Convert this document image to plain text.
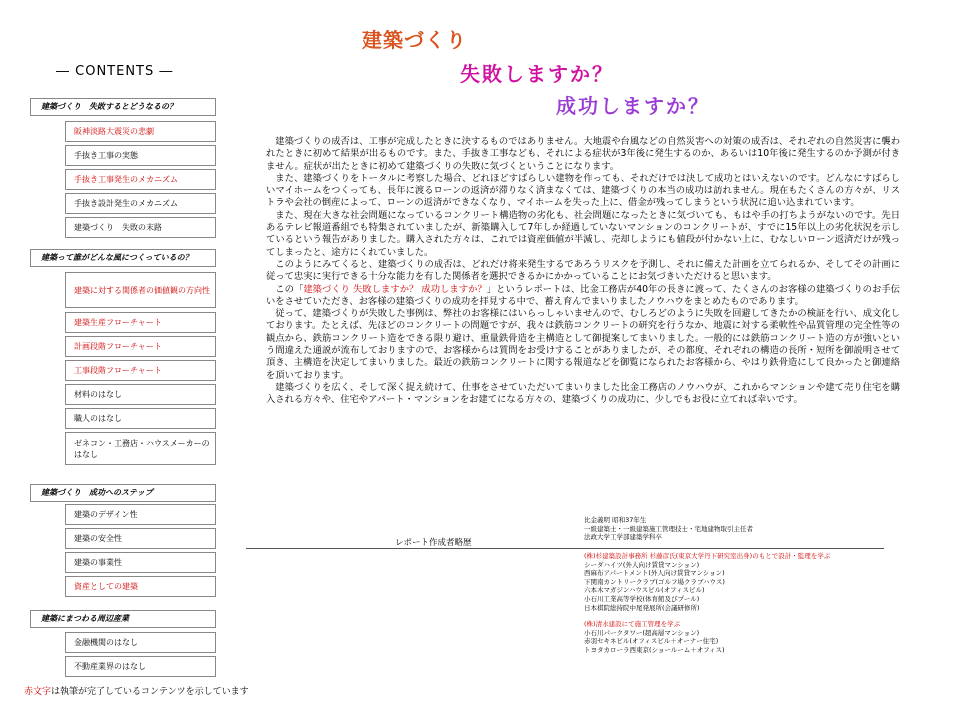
建築づくり
失敗しますか？
成功しますか？
― CONTENTS ―
建築づくり　失敗するとどうなるの？
阪神淡路大震災の悲劇
手抜き工事の実態
手抜き工事発生のメカニズム
手抜き設計発生のメカニズム
建築づくり　失敗の末路
建築って誰がどんな風につくっているの？
建築に対する関係者の価値観の方向性
建築生産フローチャート
計画段階フローチャート
工事段階フローチャート
材料のはなし
職人のはなし
ゼネコン・工務店・ハウスメーカーのはなし
建築づくり　成功へのステップ
建築のデザイン性
建築の安全性
建築の事業性
資産としての建築
建築にまつわる周辺産業
金融機関のはなし
不動産業界のはなし
赤文字は執筆が完了しているコンテンツを示しています

建築づくりの成否は、工事が完成したときに決するものではありません。大地震や台風などの自然災害への対策の成否は、それぞれの自然災害に襲われたときに初めて結果が出るものです。また、手抜き工事なども、それによる症状が3年後に発生するのか、あるいは10年後に発生するのか予測が付きません。症状が出たときに初めて建築づくりの失敗に気づくということになります。

また、建築づくりをトータルに考察した場合、どれほどすばらしい建物を作っても、それだけでは決して成功とはいえないのです。どんなにすばらしいマイホームをつくっても、長年に渡るローンの返済が滞りなく済まなくては、建築づくりの本当の成功は訪れません。現在もたくさんの方々が、リストラや会社の倒産によって、ローンの返済ができなくなり、マイホームを失った上に、借金が残ってしまうという状況に追い込まれています。

また、現在大きな社会問題になっているコンクリート構造物の劣化も、社会問題になったときに気づいても、もはや手の打ちようがないのです。先日あるテレビ報道番組でも特集されていましたが、新築購入して7年しか経過していないマンションのコンクリートが、すでに15年以上の劣化状況を示しているという報告がありました。購入された方々は、これでは資産価値が半減し、売却しようにも値段が付かない上に、むなしいローン返済だけが残ってしまったと、途方にくれていました。

このようにみてくると、建築づくりの成否は、どれだけ将来発生するであろうリスクを予測し、それに備えた計画を立てられるか、そしてその計画に従って忠実に実行できる十分な能力を有した関係者を選択できるかにかかっていることにお気づきいただけると思います。

この「建築づくり 失敗しますか？ 成功しますか？」というレポートは、比金工務店が40年の長きに渡って、たくさんのお客様の建築づくりのお手伝いをさせていただき、お客様の建築づくりの成功を拝見する中で、蓄え育んでまいりましたノウハウをまとめたものであります。

従って、建築づくりが失敗した事例は、弊社のお客様にはいらっしゃいませんので、むしろどのように失敗を回避してきたかの検証を行い、成文化しております。たとえば、先ほどのコンクリートの問題ですが、我々は鉄筋コンクリートの研究を行うなか、地震に対する柔軟性や品質管理の完全性等の観点から、鉄筋コンクリート造をできる限り避け、重量鉄骨造を主構造として御提案してまいりました。一般的には鉄筋コンクリート造の方が強いという間違えた通説が流布しておりますので、お客様からは質問をお受けすることがありましたが、その都度、それぞれの構造の長所・短所を御説明させて頂き、主構造を決定してまいりました。最近の鉄筋コンクリートに関する報道などを御覧になられたお客様から、やはり鉄骨造にして良かったと御連絡を頂いております。

建築づくりを広く、そして深く捉え続けて、仕事をさせていただいてまいりました比金工務店のノウハウが、これからマンションや建て売り住宅を購入される方々や、住宅やアパート・マンションをお建てになる方々の、建築づくりの成功に、少しでもお役に立てれば幸いです。

比金義明 昭和37年生
一級建築士・一級建築施工管理技士・宅地建物取引主任者
法政大学工学部建築学科卒
レポート作成者略歴
(株)杉建築設計事務所 杉藤彦氏(東京大学丹下研究室出身)のもとで設計・監理を学ぶ
シーダハイツ(外人向け賃貸マンション)
西麻布アパートメント(外人向け賃貸マンション)
下関南カントリークラブ(ゴルフ場クラブハウス)
六本木マガジンハウスビル(オフィスビル)
小石川工業高等学校(体育館及びプール)
日本棋院総持院中尾発展所(会議研修所)
(株)清水建設にて施工管理を学ぶ
小石川パークタワー(超高層マンション)
赤羽セキネビル(オフィスビル＋オーナー住宅)
トヨタカローラ西東京(ショールーム＋オフィス)
